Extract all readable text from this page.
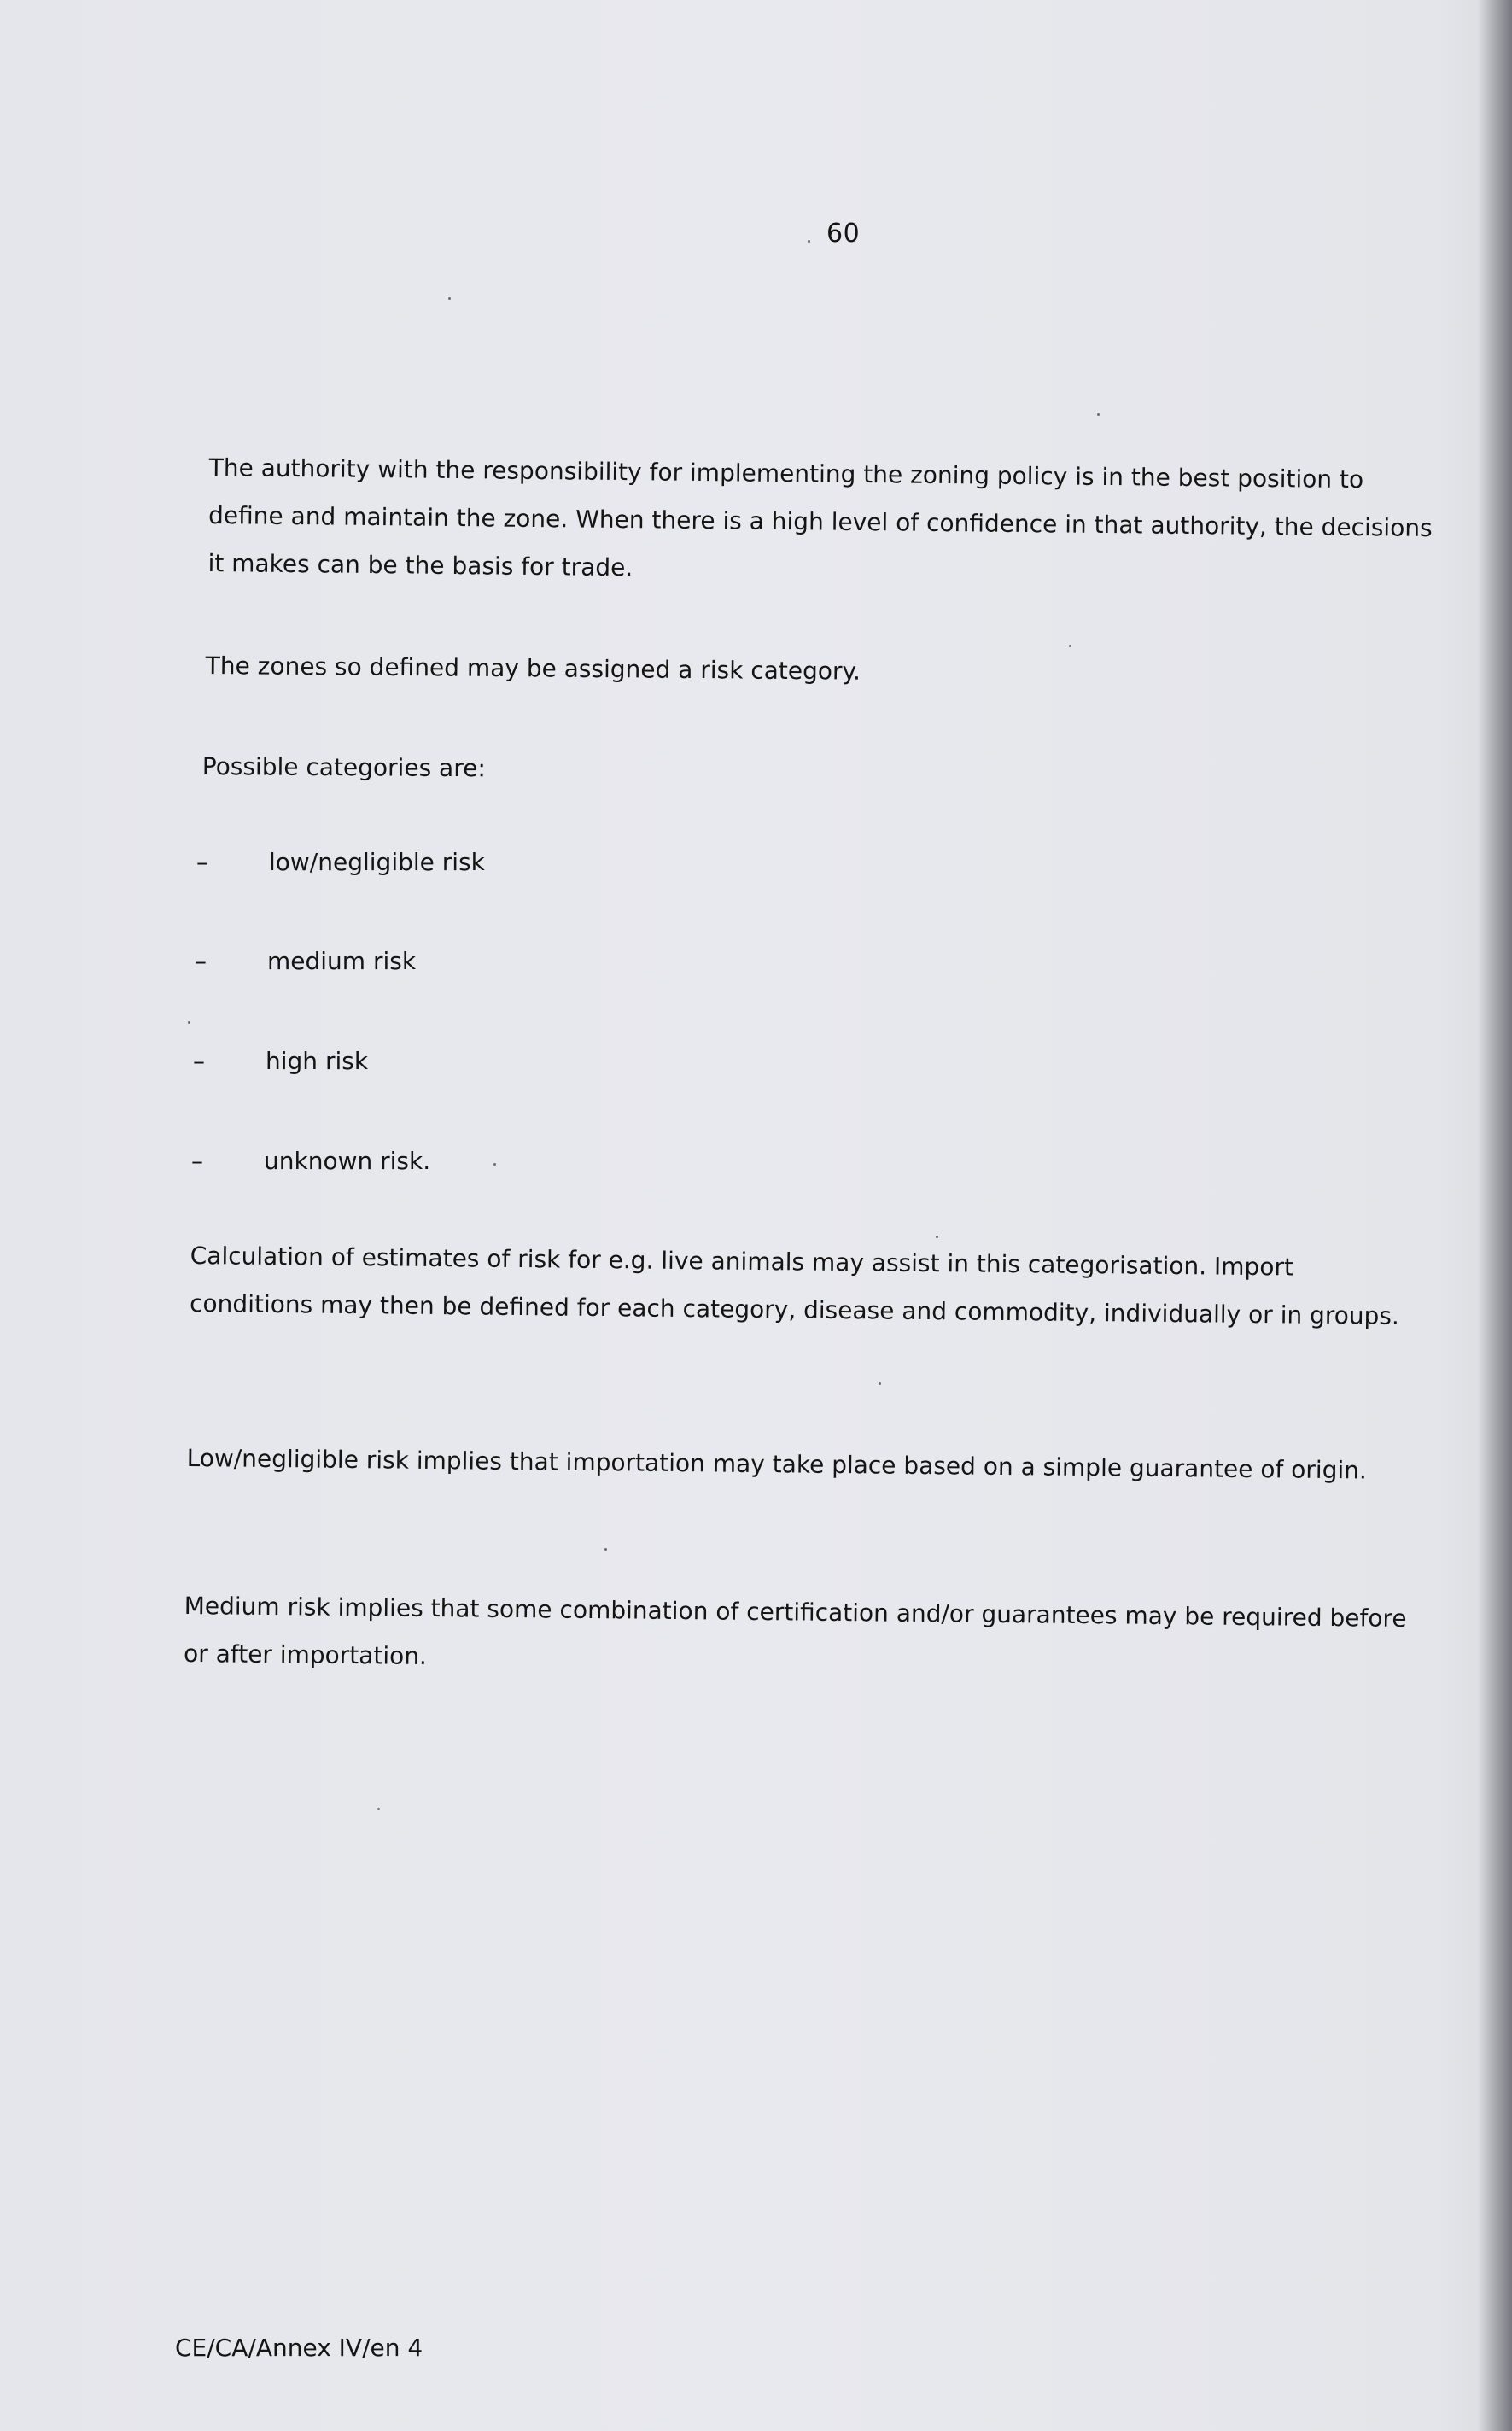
60

The authority with the responsibility for implementing the zoning policy is in the best position to define and maintain the zone. When there is a high level of confidence in that authority, the decisions it makes can be the basis for trade.

The zones so defined may be assigned a risk category.

Possible categories are:

–	low/negligible risk
–	medium risk
–	high risk
–	unknown risk.

Calculation of estimates of risk for e.g. live animals may assist in this categorisation. Import conditions may then be defined for each category, disease and commodity, individually or in groups.

Low/negligible risk implies that importation may take place based on a simple guarantee of origin.

Medium risk implies that some combination of certification and/or guarantees may be required before or after importation.

CE/CA/Annex IV/en 4
